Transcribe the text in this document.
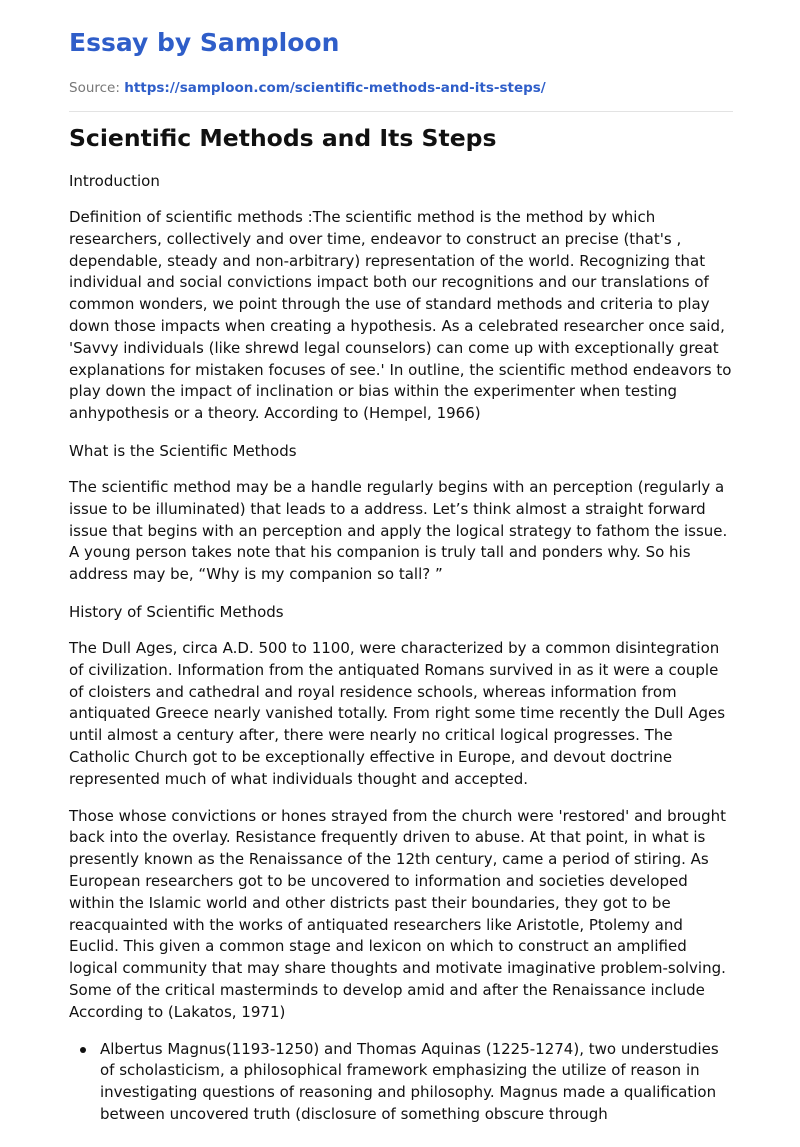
Essay by Samploon
Source: https://samploon.com/scientific-methods-and-its-steps/
Scientific Methods and Its Steps
Introduction

Definition of scientific methods :The scientific method is the method by which researchers, collectively and over time, endeavor to construct an precise (that's , dependable, steady and non-arbitrary) representation of the world. Recognizing that individual and social convictions impact both our recognitions and our translations of common wonders, we point through the use of standard methods and criteria to play down those impacts when creating a hypothesis. As a celebrated researcher once said, 'Savvy individuals (like shrewd legal counselors) can come up with exceptionally great explanations for mistaken focuses of see.' In outline, the scientific method endeavors to play down the impact of inclination or bias within the experimenter when testing anhypothesis or a theory. According to (Hempel, 1966)

What is the Scientific Methods

The scientific method may be a handle regularly begins with an perception (regularly a issue to be illuminated) that leads to a address. Let’s think almost a straight forward issue that begins with an perception and apply the logical strategy to fathom the issue. A young person takes note that his companion is truly tall and ponders why. So his address may be, “Why is my companion so tall? ”

History of Scientific Methods

The Dull Ages, circa A.D. 500 to 1100, were characterized by a common disintegration of civilization. Information from the antiquated Romans survived in as it were a couple of cloisters and cathedral and royal residence schools, whereas information from antiquated Greece nearly vanished totally. From right some time recently the Dull Ages until almost a century after, there were nearly no critical logical progresses. The Catholic Church got to be exceptionally effective in Europe, and devout doctrine represented much of what individuals thought and accepted.

Those whose convictions or hones strayed from the church were 'restored' and brought back into the overlay. Resistance frequently driven to abuse. At that point, in what is presently known as the Renaissance of the 12th century, came a period of stiring. As European researchers got to be uncovered to information and societies developed within the Islamic world and other districts past their boundaries, they got to be reacquainted with the works of antiquated researchers like Aristotle, Ptolemy and Euclid. This given a common stage and lexicon on which to construct an amplified logical community that may share thoughts and motivate imaginative problem-solving. Some of the critical masterminds to develop amid and after the Renaissance include According to (Lakatos, 1971)

Albertus Magnus(1193-1250) and Thomas Aquinas (1225-1274), two understudies of scholasticism, a philosophical framework emphasizing the utilize of reason in investigating questions of reasoning and philosophy. Magnus made a qualification between uncovered truth (disclosure of something obscure through
